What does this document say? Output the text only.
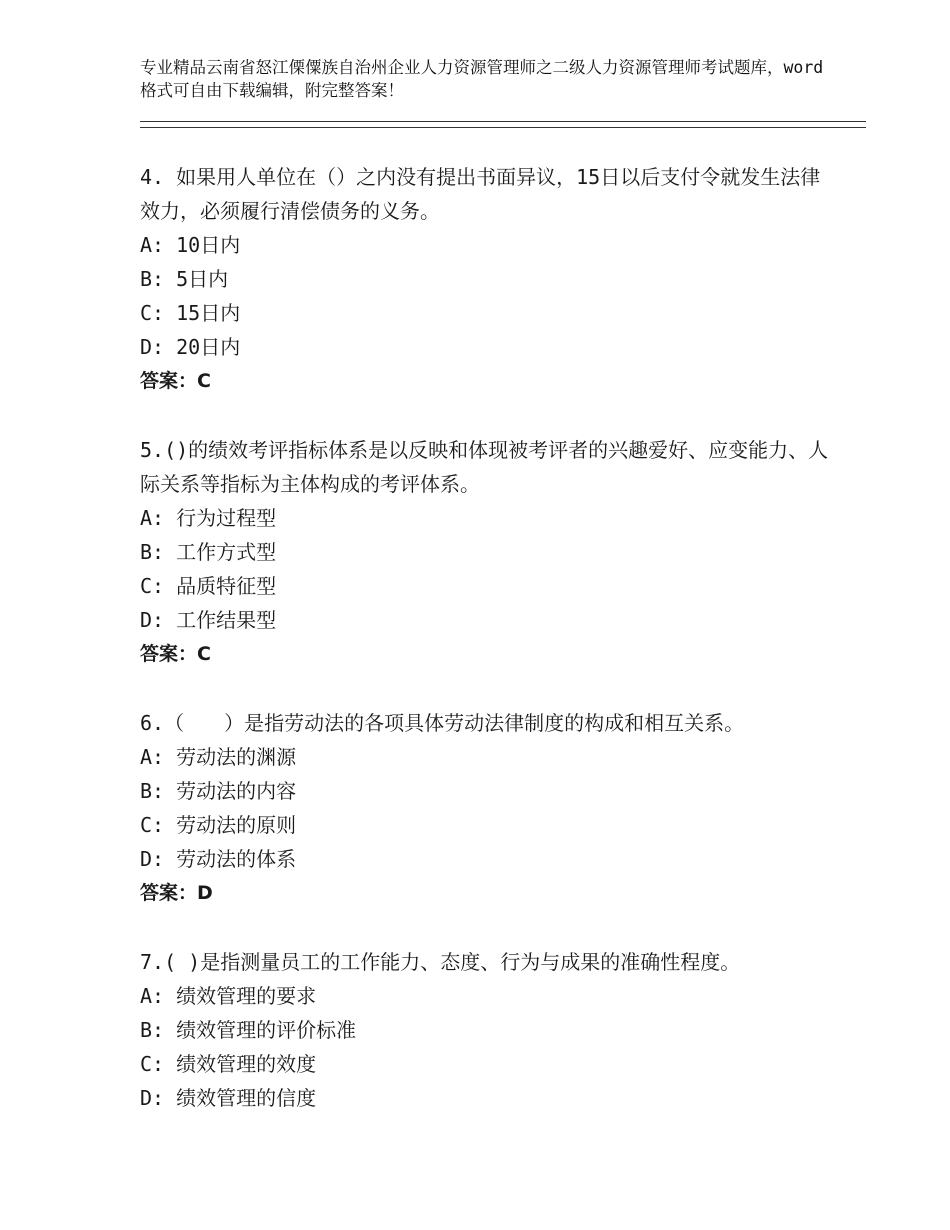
专业精品云南省怒江傈僳族自治州企业人力资源管理师之二级人力资源管理师考试题库，word格式可自由下载编辑，附完整答案！

4. 如果用人单位在（）之内没有提出书面异议，15日以后支付令就发生法律效力，必须履行清偿债务的义务。

A: 10日内

B: 5日内

C: 15日内

D: 20日内

答案：C

5.()的绩效考评指标体系是以反映和体现被考评者的兴趣爱好、应变能力、人际关系等指标为主体构成的考评体系。

A: 行为过程型

B: 工作方式型

C: 品质特征型

D: 工作结果型

答案：C

6.（　　）是指劳动法的各项具体劳动法律制度的构成和相互关系。

A: 劳动法的渊源

B: 劳动法的内容

C: 劳动法的原则

D: 劳动法的体系

答案：D

7.( )是指测量员工的工作能力、态度、行为与成果的准确性程度。

A: 绩效管理的要求

B: 绩效管理的评价标准

C: 绩效管理的效度

D: 绩效管理的信度
